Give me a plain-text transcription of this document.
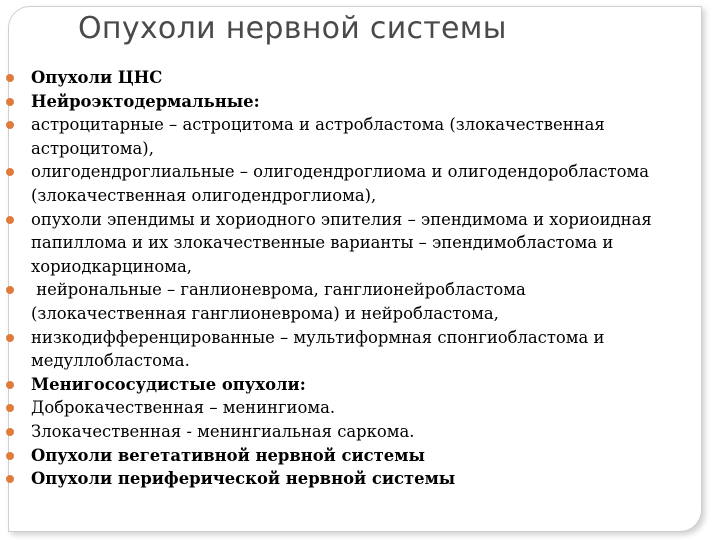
Опухоли нервной системы
Опухоли ЦНС
Нейроэктодермальные:
астроцитарные – астроцитома и астробластома (злокачественная
астроцитома),
олигодендроглиальные – олигодендроглиома и олигодендоробластома
(злокачественная олигодендроглиома),
опухоли эпендимы и хориодного эпителия – эпендимома и хориоидная
папиллома и их злокачественные варианты – эпендимобластома и
хориодкарцинома,
нейрональные – ганлионеврома, ганглионейробластома
(злокачественная ганглионеврома) и нейробластома,
низкодифференцированные – мультиформная спонгиобластома и
медуллобластома.
Менигососудистые опухоли:
Доброкачественная – менингиома.
Злокачественная - менингиальная саркома.
Опухоли вегетативной нервной системы
Опухоли периферической нервной системы
